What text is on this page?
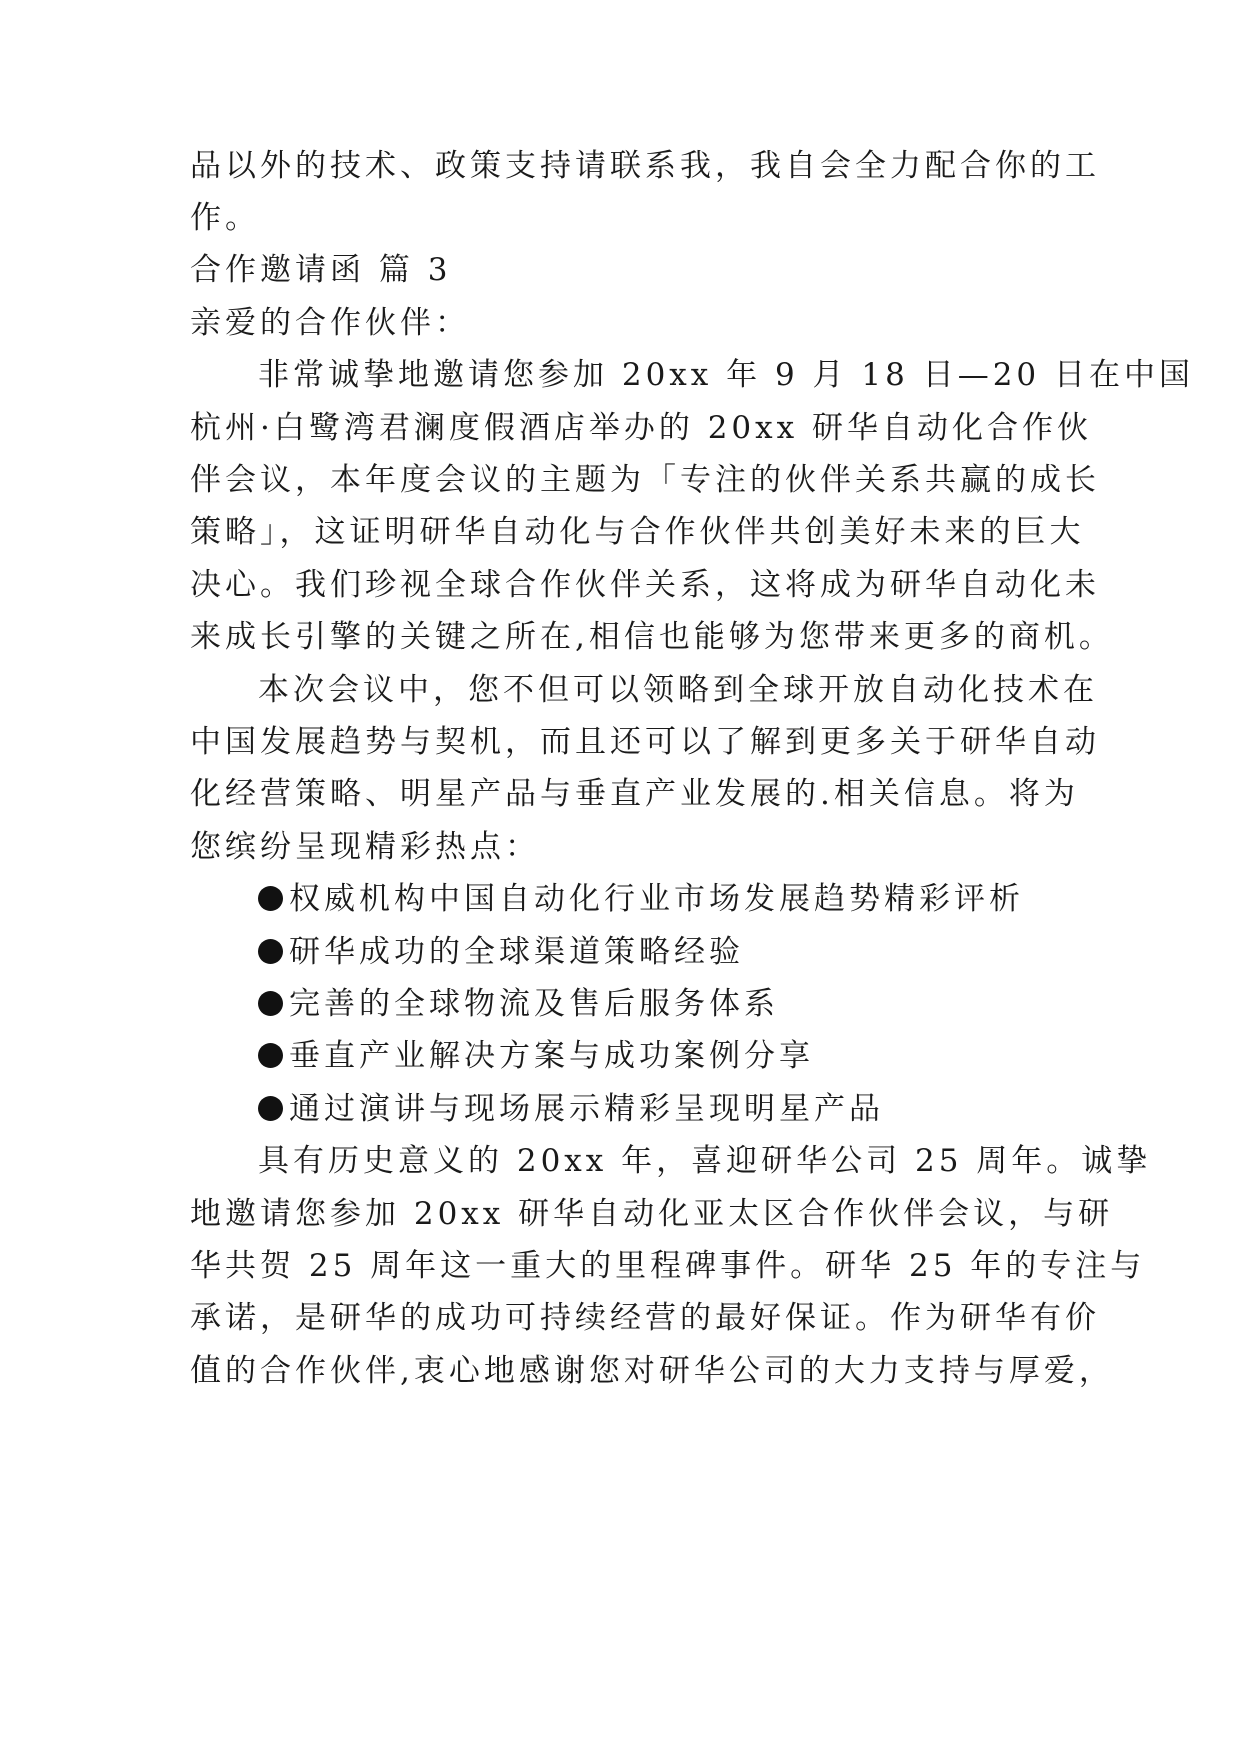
品以外的技术、政策支持请联系我，我自会全力配合你的工
作。
合作邀请函 篇 3
亲爱的合作伙伴：
非常诚挚地邀请您参加 20xx 年 9 月 18 日—20 日在中国
杭州·白鹭湾君澜度假酒店举办的 20xx 研华自动化合作伙
伴会议，本年度会议的主题为「专注的伙伴关系共赢的成长
策略」，这证明研华自动化与合作伙伴共创美好未来的巨大
决心。我们珍视全球合作伙伴关系，这将成为研华自动化未
来成长引擎的关键之所在,相信也能够为您带来更多的商机。
本次会议中，您不但可以领略到全球开放自动化技术在
中国发展趋势与契机，而且还可以了解到更多关于研华自动
化经营策略、明星产品与垂直产业发展的.相关信息。将为
您缤纷呈现精彩热点：
权威机构中国自动化行业市场发展趋势精彩评析
研华成功的全球渠道策略经验
完善的全球物流及售后服务体系
垂直产业解决方案与成功案例分享
通过演讲与现场展示精彩呈现明星产品
具有历史意义的 20xx 年，喜迎研华公司 25 周年。诚挚
地邀请您参加 20xx 研华自动化亚太区合作伙伴会议，与研
华共贺 25 周年这一重大的里程碑事件。研华 25 年的专注与
承诺，是研华的成功可持续经营的最好保证。作为研华有价
值的合作伙伴,衷心地感谢您对研华公司的大力支持与厚爱，
